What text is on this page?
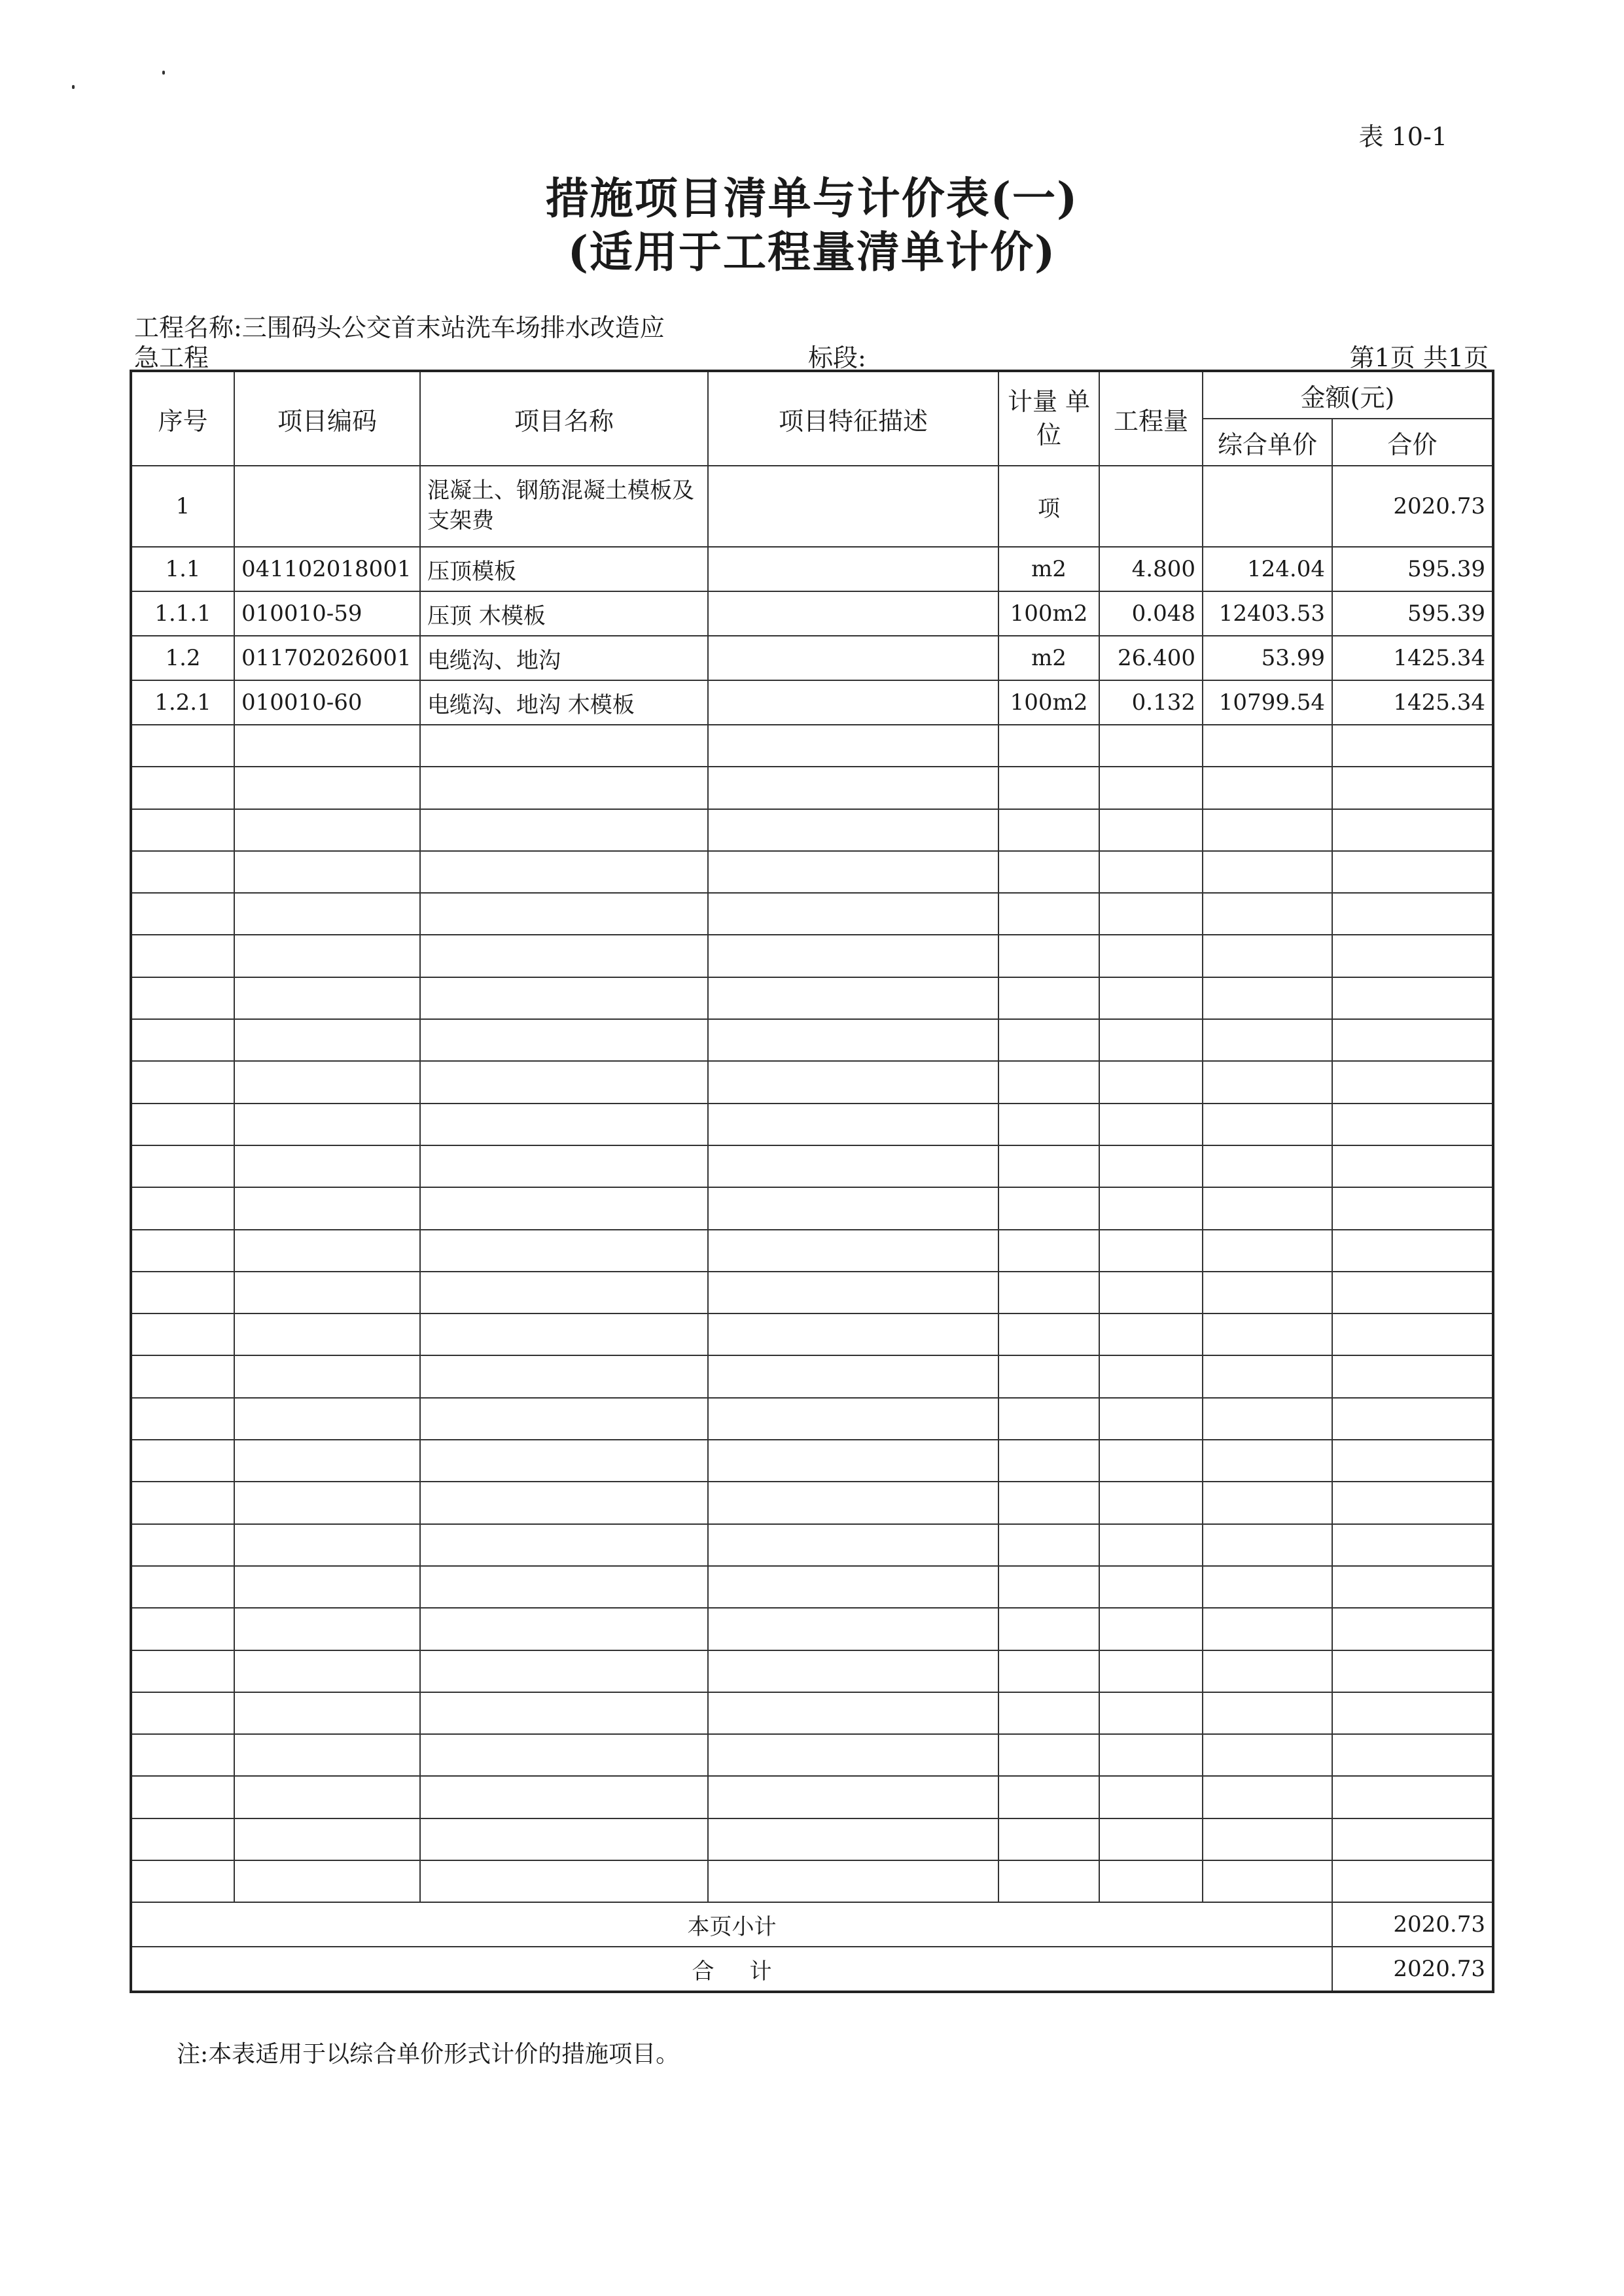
表 10-1
措施项目清单与计价表(一)
(适用于工程量清单计价)
工程名称:三围码头公交首末站洗车场排水改造应
急工程	标段:	第1页 共1页
序号	项目编码	项目名称	项目特征描述	计量 单位	工程量	金额(元)	
						综合单价	合价
1		混凝土、钢筋混凝土模板及支架费		项			2020.73
1.1	041102018001	压顶模板		m2	4.800	124.04	595.39
1.1.1	010010-59	压顶 木模板		100m2	0.048	12403.53	595.39
1.2	011702026001	电缆沟、地沟		m2	26.400	53.99	1425.34
1.2.1	010010-60	电缆沟、地沟 木模板		100m2	0.132	10799.54	1425.34

本页小计							2020.73
合     计							2020.73
注:本表适用于以综合单价形式计价的措施项目。
